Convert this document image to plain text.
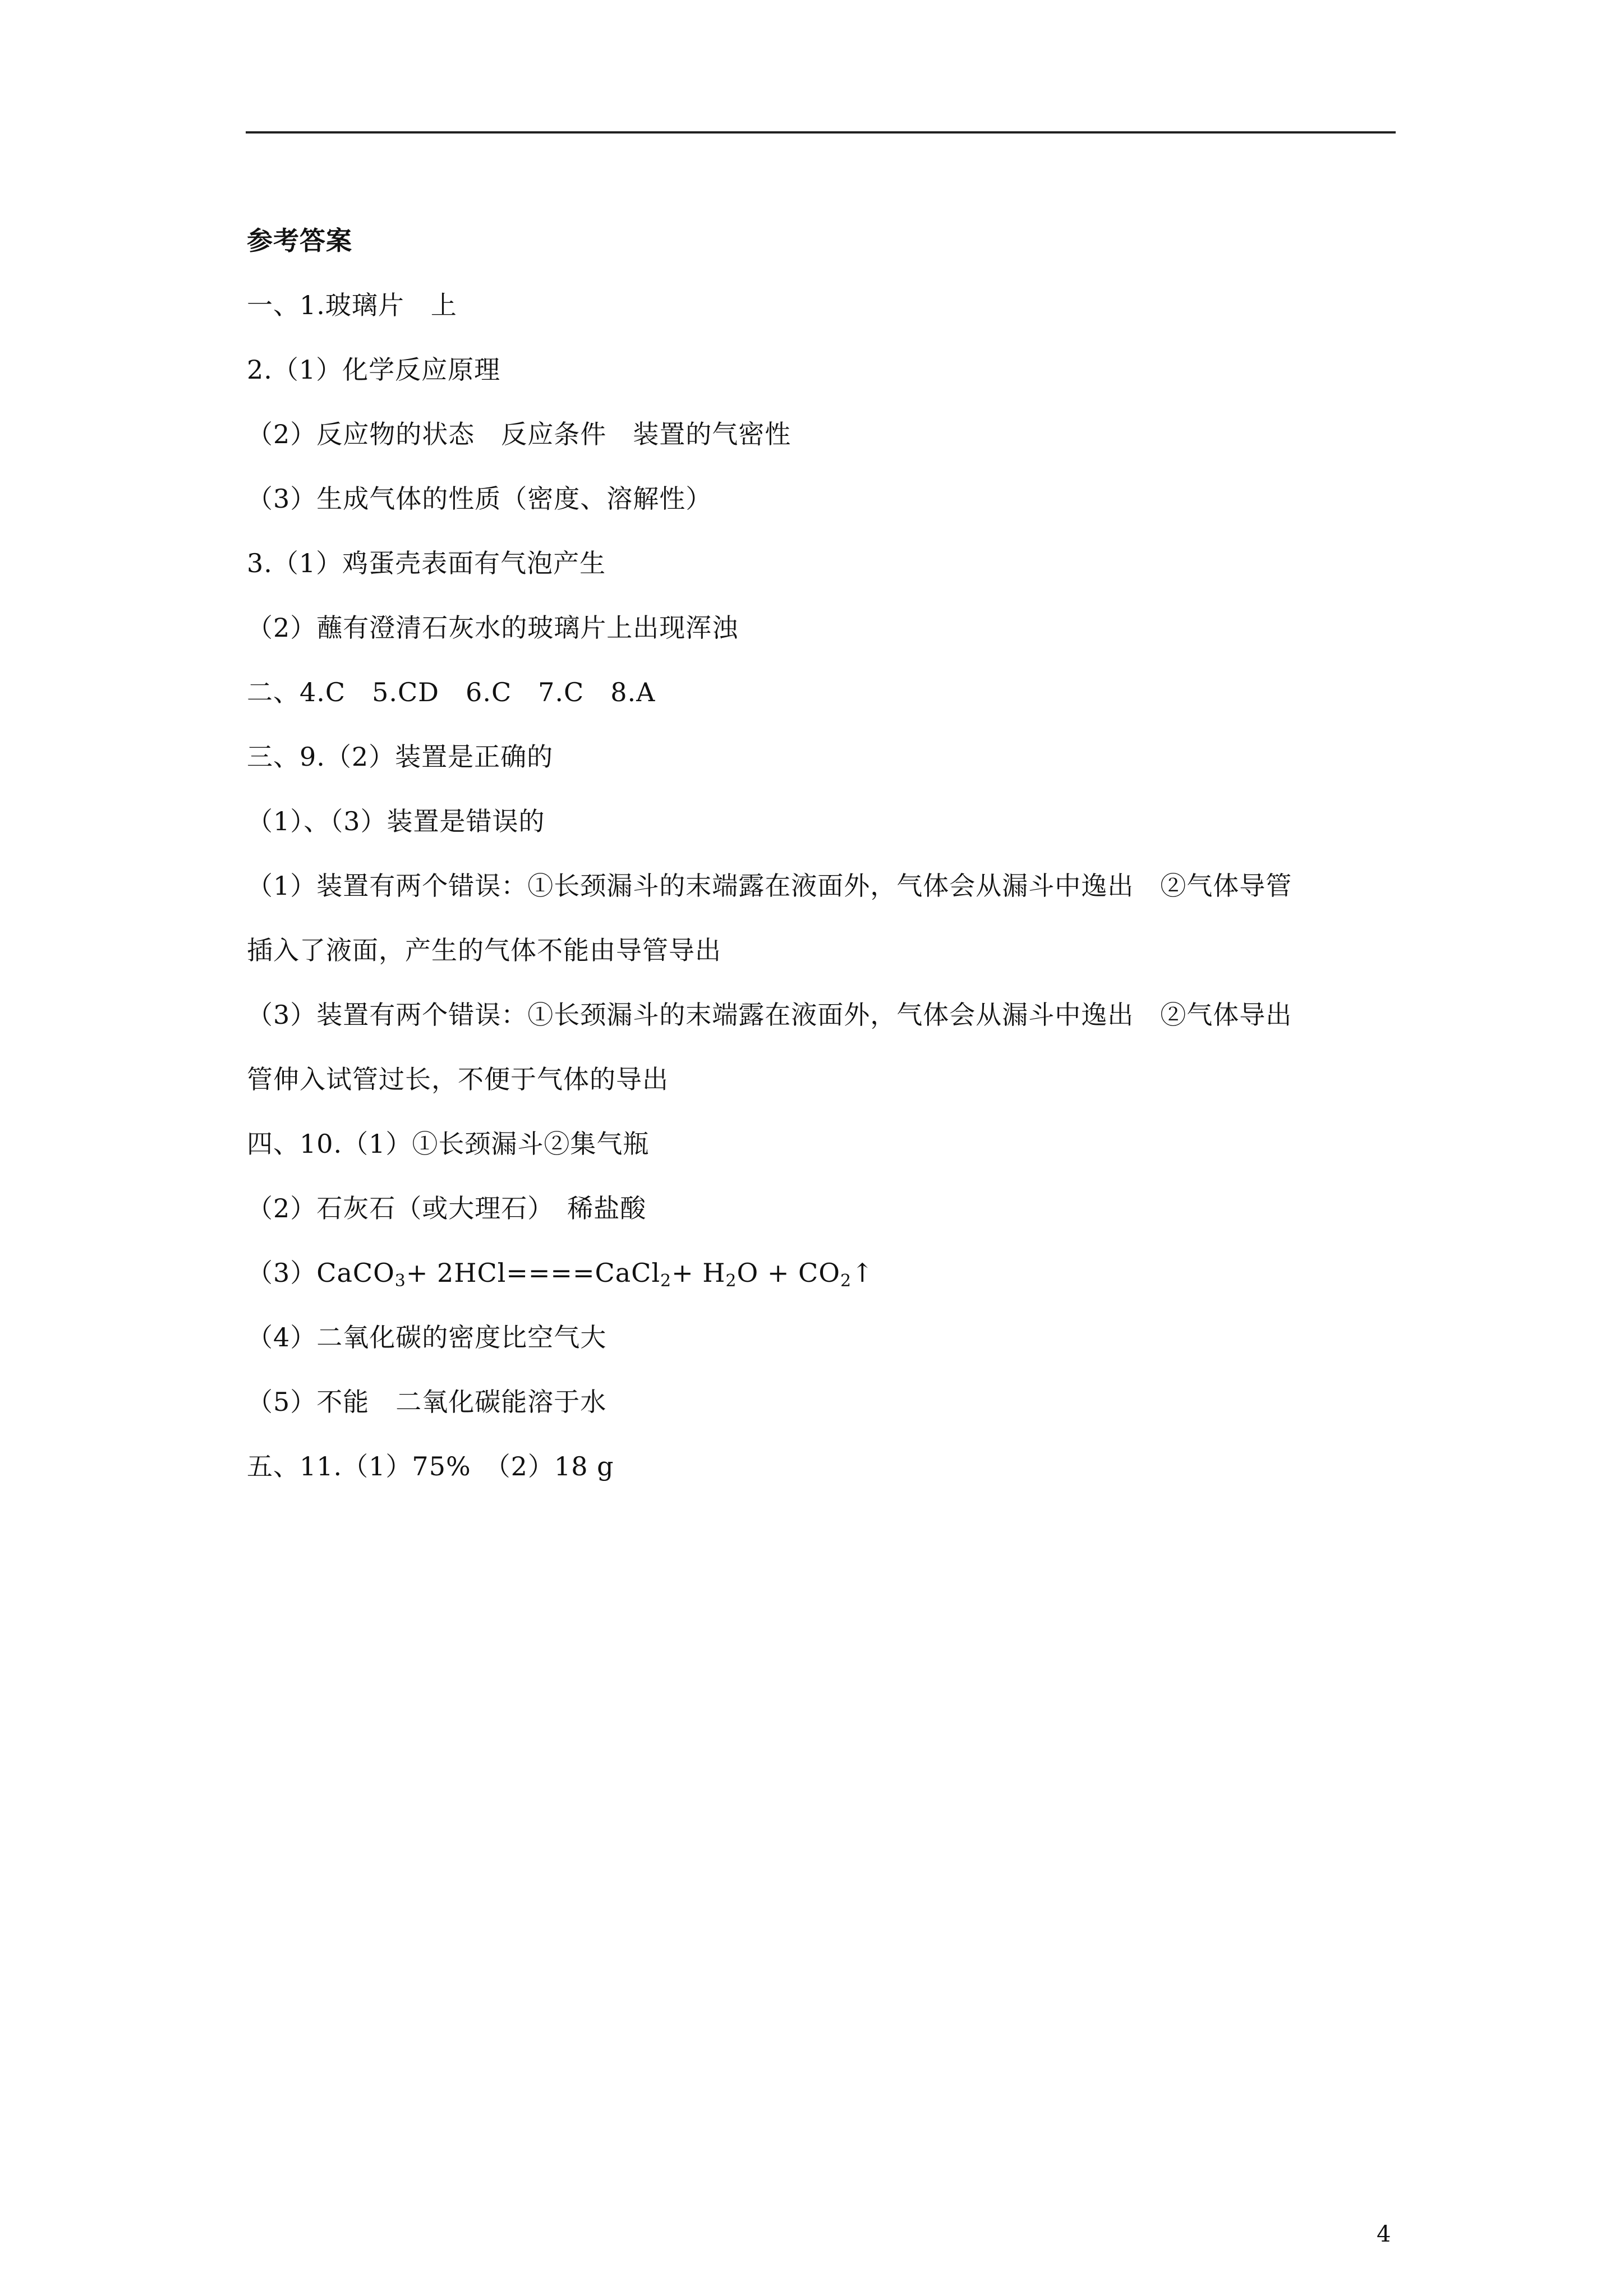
参考答案
一、1.玻璃片　上
2.（1）化学反应原理
（2）反应物的状态　反应条件　装置的气密性
（3）生成气体的性质（密度、溶解性）
3.（1）鸡蛋壳表面有气泡产生
（2）蘸有澄清石灰水的玻璃片上出现浑浊
二、4.C　5.CD　6.C　7.C　8.A
三、9.（2）装置是正确的
（1）、（3）装置是错误的
（1）装置有两个错误：①长颈漏斗的末端露在液面外，气体会从漏斗中逸出　②气体导管
插入了液面，产生的气体不能由导管导出
（3）装置有两个错误：①长颈漏斗的末端露在液面外，气体会从漏斗中逸出　②气体导出
管伸入试管过长，不便于气体的导出
四、10.（1）①长颈漏斗②集气瓶
（2）石灰石（或大理石）　稀盐酸
（3）CaCO$_3$+ 2HCl====CaCl$_2$+ $H_2O$ + $CO_2↑$
（4）二氧化碳的密度比空气大
（5）不能　二氧化碳能溶于水
五、11.（1）75%　（2）18 g
4
